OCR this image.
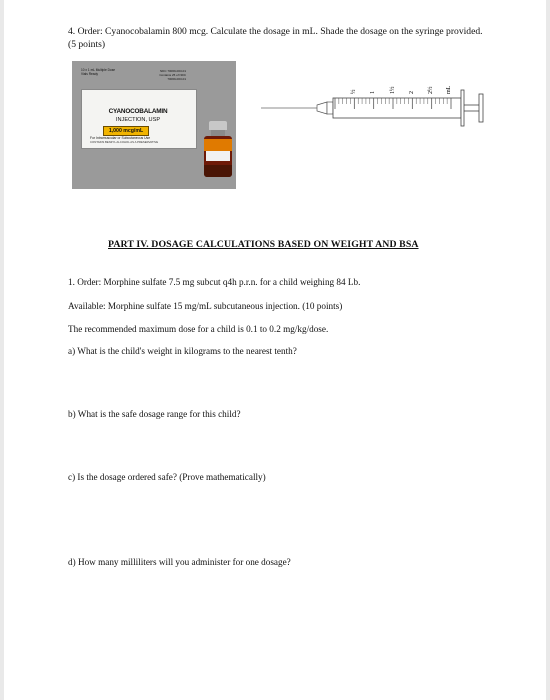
4. Order: Cyanocobalamin 800 mcg. Calculate the dosage in mL. Shade the dosage on the syringe provided. (5 points)
10 x 1 mL Multiple Dose Vials Ready
NDC 70069-003-01 Contains 25 of NDC 70069-003-01
CYANOCOBALAMIN
INJECTION, USP
1,000 mcg/mL
For Intramuscular or Subcutaneous Use
CONTAINS BENZYL ALCOHOL AS A PRESERVATIVE
½ 1 1½ 2 2½ mL
PART IV. DOSAGE CALCULATIONS BASED ON WEIGHT AND BSA
1. Order: Morphine sulfate 7.5 mg subcut q4h p.r.n. for a child weighing 84 Lb.
Available: Morphine sulfate 15 mg/mL subcutaneous injection. (10 points)
The recommended maximum dose for a child is 0.1 to 0.2 mg/kg/dose.
a) What is the child's weight in kilograms to the nearest tenth?
b) What is the safe dosage range for this child?
c) Is the dosage ordered safe? (Prove mathematically)
d) How many milliliters will you administer for one dosage?
